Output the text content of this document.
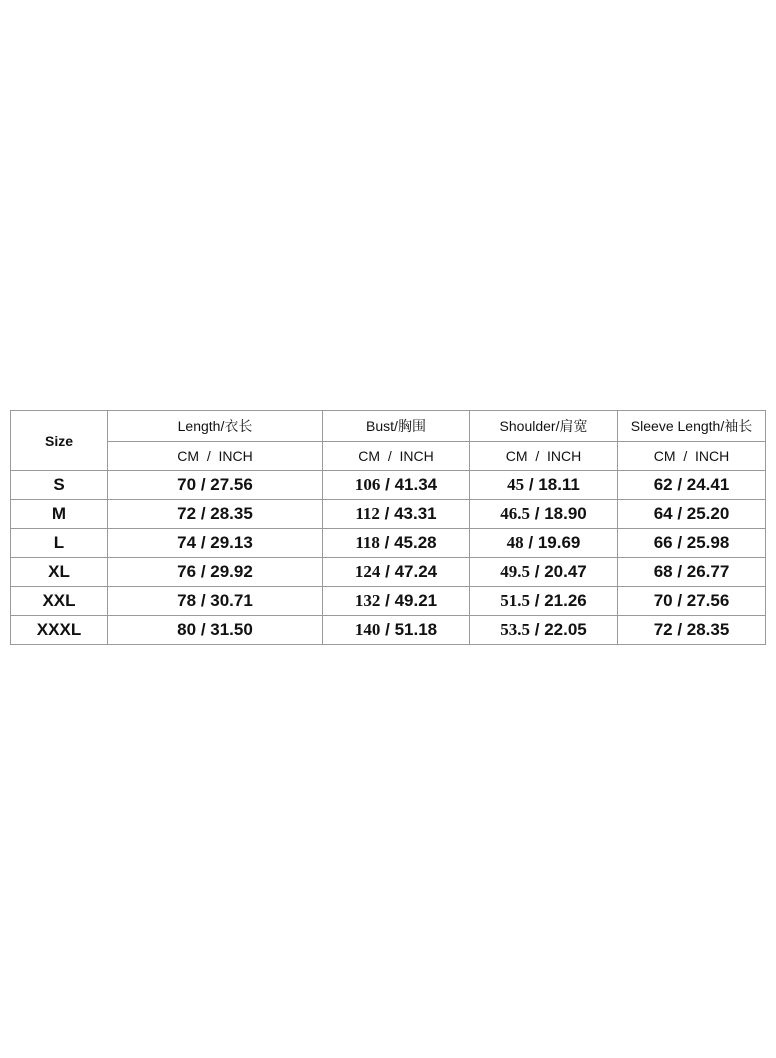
Size	Length/衣长	Bust/胸围	Shoulder/肩宽	Sleeve Length/袖长
	CM  /  INCH	CM  /  INCH	CM  /  INCH	CM  /  INCH
S	70 / 27.56	106 / 41.34	45 / 18.11	62 / 24.41
M	72 / 28.35	112 / 43.31	46.5 / 18.90	64 / 25.20
L	74 / 29.13	118 / 45.28	48 / 19.69	66 / 25.98
XL	76 / 29.92	124 / 47.24	49.5 / 20.47	68 / 26.77
XXL	78 / 30.71	132 / 49.21	51.5 / 21.26	70 / 27.56
XXXL	80 / 31.50	140 / 51.18	53.5 / 22.05	72 / 28.35
